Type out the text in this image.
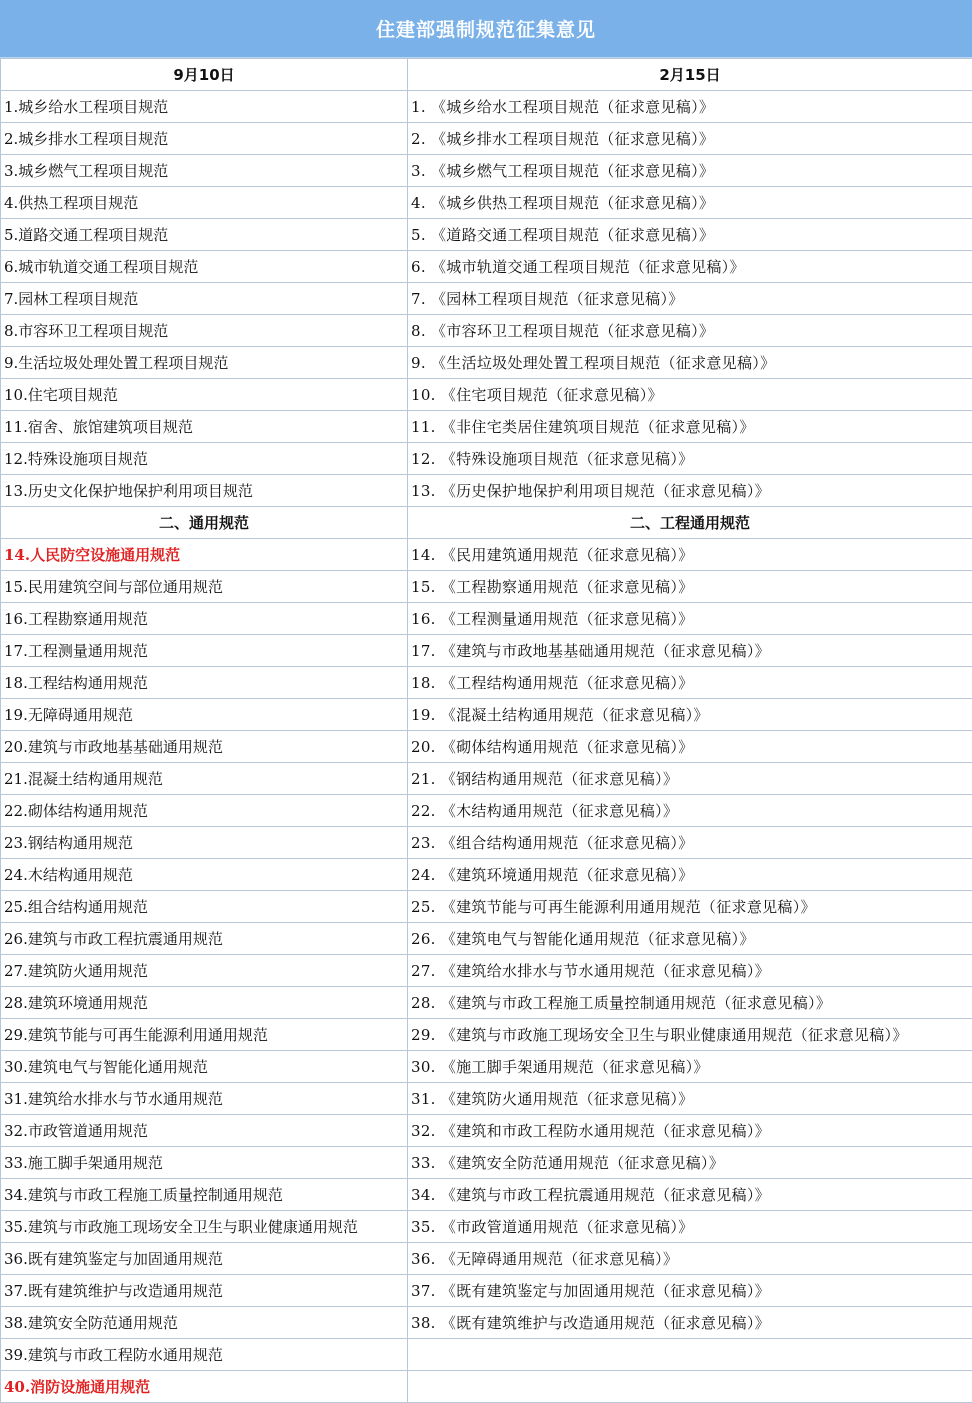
住建部强制规范征集意见
9月10日	2月15日
1.城乡给水工程项目规范	1. 《城乡给水工程项目规范（征求意见稿）》
2.城乡排水工程项目规范	2. 《城乡排水工程项目规范（征求意见稿）》
3.城乡燃气工程项目规范	3. 《城乡燃气工程项目规范（征求意见稿）》
4.供热工程项目规范	4. 《城乡供热工程项目规范（征求意见稿）》
5.道路交通工程项目规范	5. 《道路交通工程项目规范（征求意见稿）》
6.城市轨道交通工程项目规范	6. 《城市轨道交通工程项目规范（征求意见稿）》
7.园林工程项目规范	7. 《园林工程项目规范（征求意见稿）》
8.市容环卫工程项目规范	8. 《市容环卫工程项目规范（征求意见稿）》
9.生活垃圾处理处置工程项目规范	9. 《生活垃圾处理处置工程项目规范（征求意见稿）》
10.住宅项目规范	10. 《住宅项目规范（征求意见稿）》
11.宿舍、旅馆建筑项目规范	11. 《非住宅类居住建筑项目规范（征求意见稿）》
12.特殊设施项目规范	12. 《特殊设施项目规范（征求意见稿）》
13.历史文化保护地保护利用项目规范	13. 《历史保护地保护利用项目规范（征求意见稿）》
二、通用规范	二、工程通用规范
14.人民防空设施通用规范	14. 《民用建筑通用规范（征求意见稿）》
15.民用建筑空间与部位通用规范	15. 《工程勘察通用规范（征求意见稿）》
16.工程勘察通用规范	16. 《工程测量通用规范（征求意见稿）》
17.工程测量通用规范	17. 《建筑与市政地基基础通用规范（征求意见稿）》
18.工程结构通用规范	18. 《工程结构通用规范（征求意见稿）》
19.无障碍通用规范	19. 《混凝土结构通用规范（征求意见稿）》
20.建筑与市政地基基础通用规范	20. 《砌体结构通用规范（征求意见稿）》
21.混凝土结构通用规范	21. 《钢结构通用规范（征求意见稿）》
22.砌体结构通用规范	22. 《木结构通用规范（征求意见稿）》
23.钢结构通用规范	23. 《组合结构通用规范（征求意见稿）》
24.木结构通用规范	24. 《建筑环境通用规范（征求意见稿）》
25.组合结构通用规范	25. 《建筑节能与可再生能源利用通用规范（征求意见稿）》
26.建筑与市政工程抗震通用规范	26. 《建筑电气与智能化通用规范（征求意见稿）》
27.建筑防火通用规范	27. 《建筑给水排水与节水通用规范（征求意见稿）》
28.建筑环境通用规范	28. 《建筑与市政工程施工质量控制通用规范（征求意见稿）》
29.建筑节能与可再生能源利用通用规范	29. 《建筑与市政施工现场安全卫生与职业健康通用规范（征求意见稿）》
30.建筑电气与智能化通用规范	30. 《施工脚手架通用规范（征求意见稿）》
31.建筑给水排水与节水通用规范	31. 《建筑防火通用规范（征求意见稿）》
32.市政管道通用规范	32. 《建筑和市政工程防水通用规范（征求意见稿）》
33.施工脚手架通用规范	33. 《建筑安全防范通用规范（征求意见稿）》
34.建筑与市政工程施工质量控制通用规范	34. 《建筑与市政工程抗震通用规范（征求意见稿）》
35.建筑与市政施工现场安全卫生与职业健康通用规范	35. 《市政管道通用规范（征求意见稿）》
36.既有建筑鉴定与加固通用规范	36. 《无障碍通用规范（征求意见稿）》
37.既有建筑维护与改造通用规范	37. 《既有建筑鉴定与加固通用规范（征求意见稿）》
38.建筑安全防范通用规范	38. 《既有建筑维护与改造通用规范（征求意见稿）》
39.建筑与市政工程防水通用规范	
40.消防设施通用规范	
